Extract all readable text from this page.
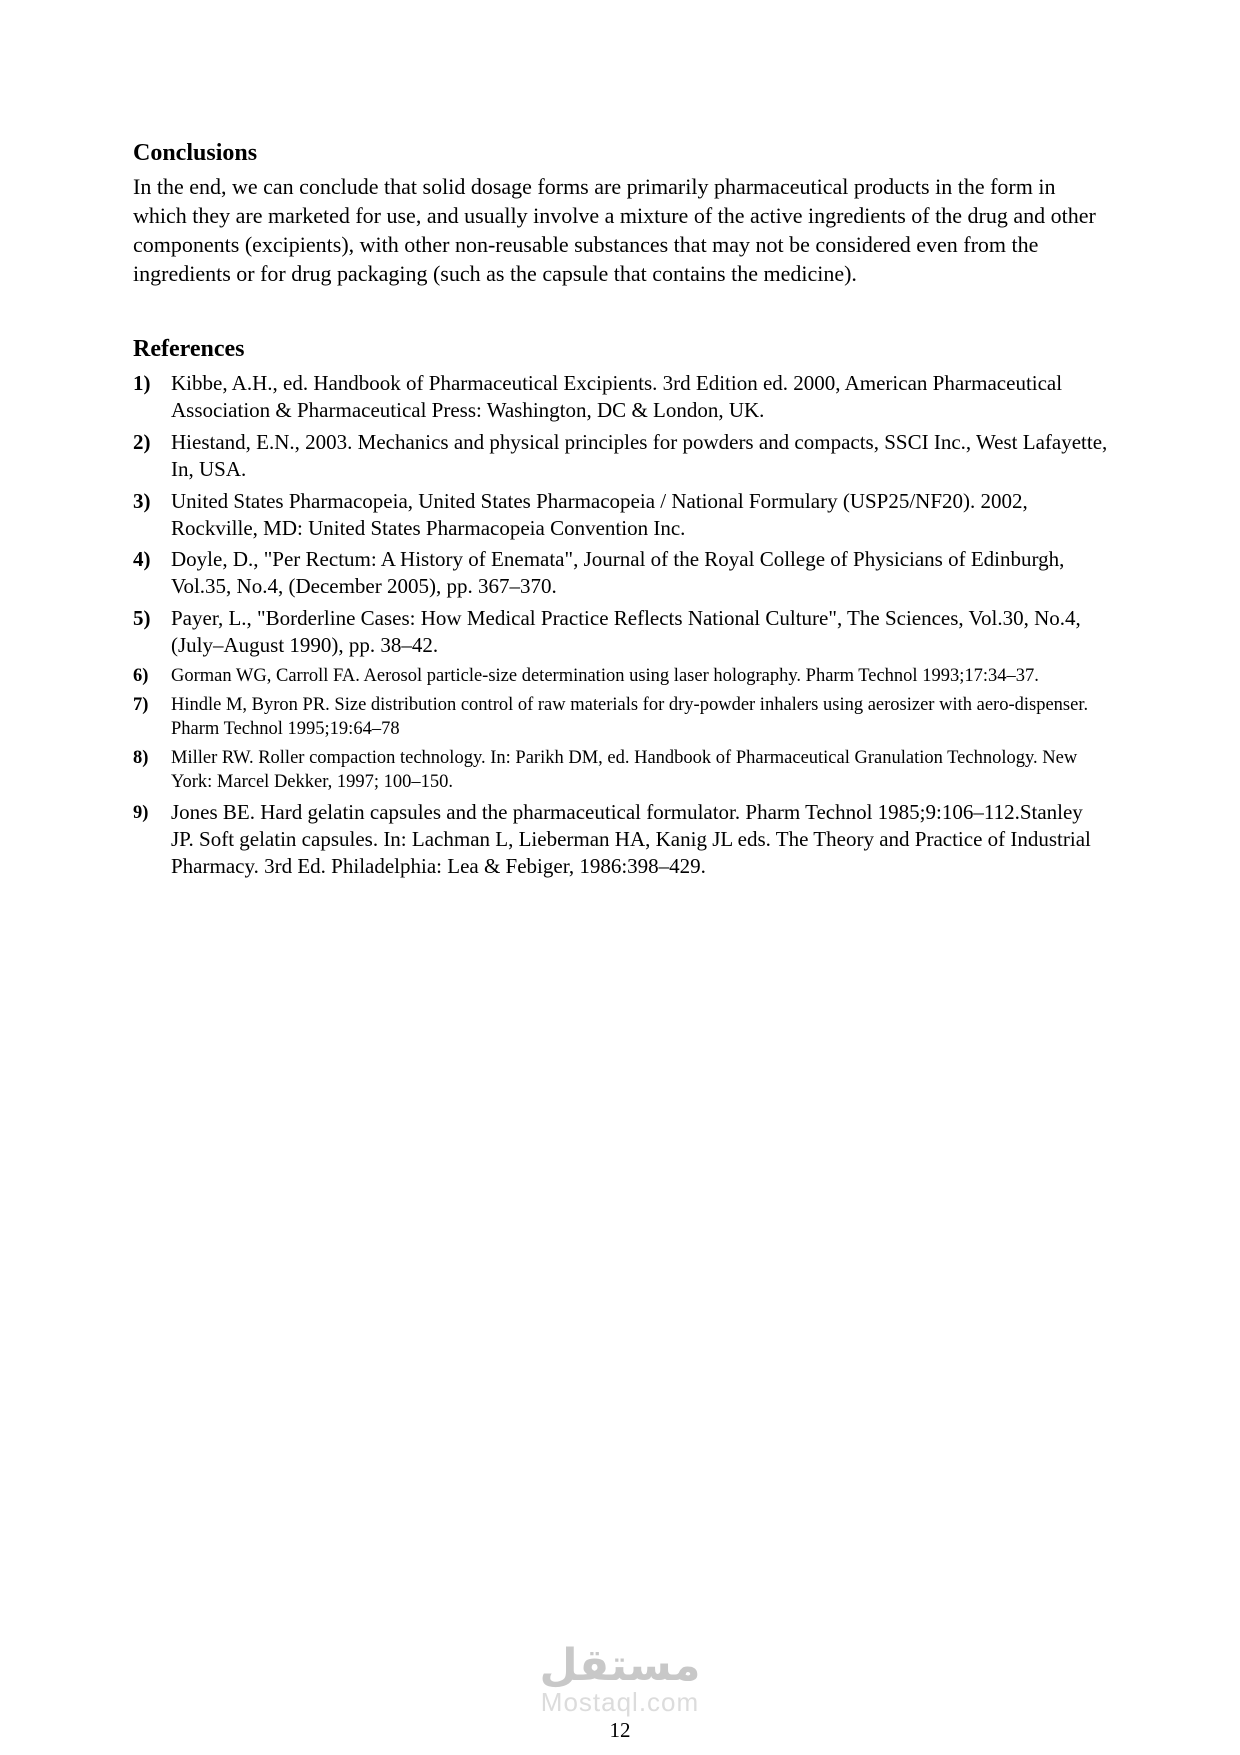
Conclusions

In the end, we can conclude that solid dosage forms are primarily pharmaceutical products in the form in which they are marketed for use, and usually involve a mixture of the active ingredients of the drug and other components (excipients), with other non-reusable substances that may not be considered even from the ingredients or for drug packaging (such as the capsule that contains the medicine).

References
1) Kibbe, A.H., ed. Handbook of Pharmaceutical Excipients. 3rd Edition ed. 2000, American Pharmaceutical Association & Pharmaceutical Press: Washington, DC & London, UK.
2) Hiestand, E.N., 2003. Mechanics and physical principles for powders and compacts, SSCI Inc., West Lafayette, In, USA.
3) United States Pharmacopeia, United States Pharmacopeia / National Formulary (USP25/NF20). 2002, Rockville, MD: United States Pharmacopeia Convention Inc.
4) Doyle, D., "Per Rectum: A History of Enemata", Journal of the Royal College of Physicians of Edinburgh, Vol.35, No.4, (December 2005), pp. 367–370.
5) Payer, L., "Borderline Cases: How Medical Practice Reflects National Culture", The Sciences, Vol.30, No.4, (July–August 1990), pp. 38–42.
6)	Gorman WG, Carroll FA. Aerosol particle-size determination using laser holography. Pharm Technol 1993;17:34–37.
7)	Hindle M, Byron PR. Size distribution control of raw materials for dry-powder inhalers using aerosizer with aero-dispenser. Pharm Technol 1995;19:64–78
8)	Miller RW. Roller compaction technology. In: Parikh DM, ed. Handbook of Pharmaceutical Granulation Technology. New York: Marcel Dekker, 1997; 100–150.
9)	Jones BE. Hard gelatin capsules and the pharmaceutical formulator. Pharm Technol 1985;9:106–112.Stanley JP. Soft gelatin capsules. In: Lachman L, Lieberman HA, Kanig JL eds. The Theory and Practice of Industrial Pharmacy. 3rd Ed. Philadelphia: Lea & Febiger, 1986:398–429.
مستقل
Mostaql.com
12
